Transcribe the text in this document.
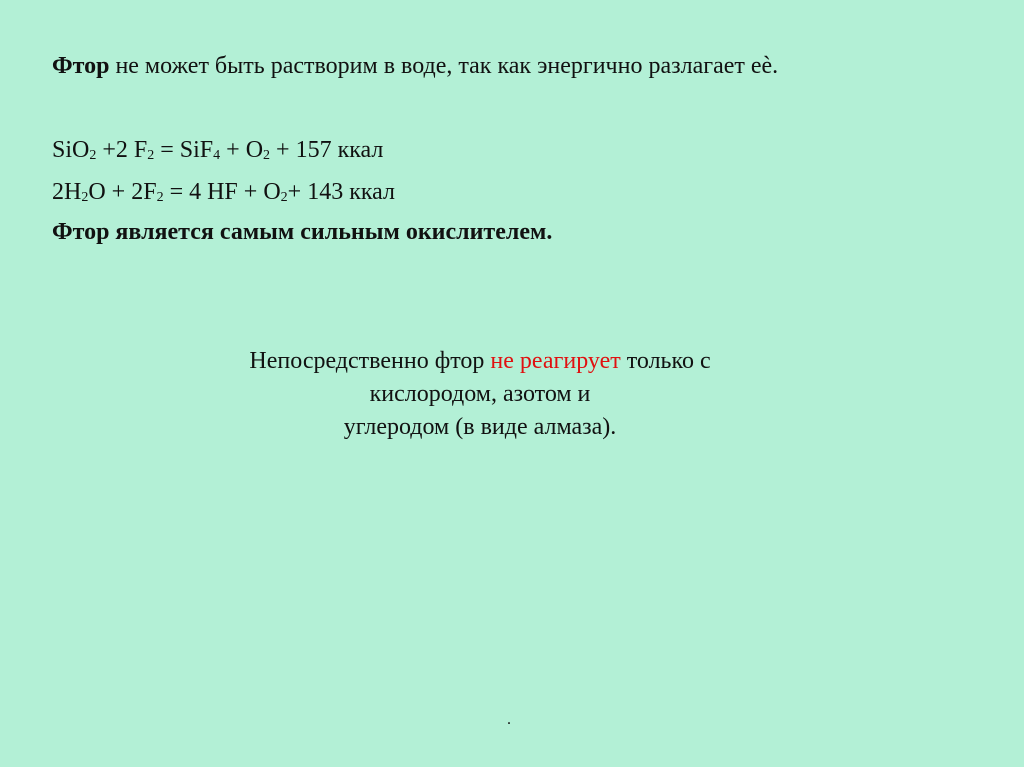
Фтор не может быть растворим в воде, так как энергично разлагает еѐ.
SiO2 +2 F2 = SiF4 + O2 + 157 ккал
2H2O + 2F2 = 4 HF + O2+ 143 ккал
Фтор является самым сильным окислителем.
Непосредственно фтор не реагирует только с
кислородом, азотом и
углеродом (в виде алмаза).
.
